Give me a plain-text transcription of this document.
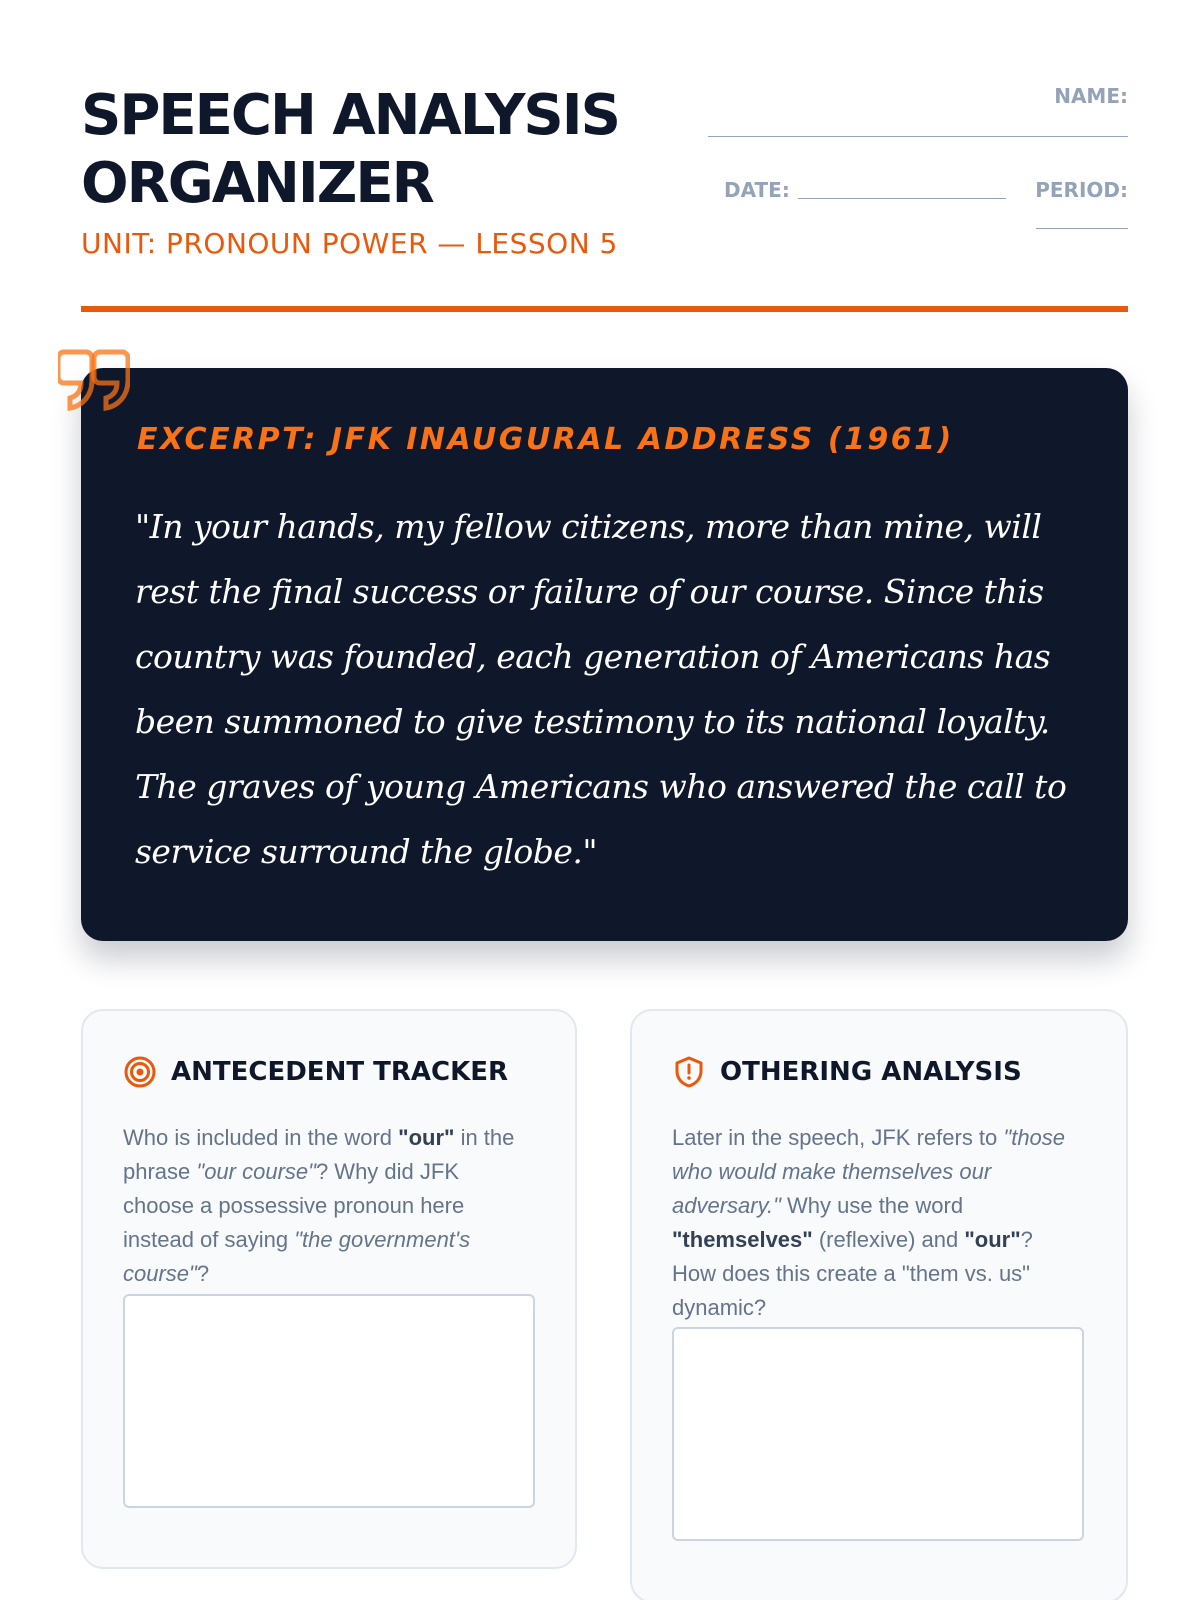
SPEECH ANALYSIS ORGANIZER
UNIT: PRONOUN POWER — LESSON 5
NAME:
DATE:	PERIOD:
EXCERPT: JFK INAUGURAL ADDRESS (1961)
"In your hands, my fellow citizens, more than mine, will rest the final success or failure of our course. Since this country was founded, each generation of Americans has been summoned to give testimony to its national loyalty. The graves of young Americans who answered the call to service surround the globe."
ANTECEDENT TRACKER

Who is included in the word "our" in the phrase "our course"? Why did JFK choose a possessive pronoun here instead of saying "the government's course"?

OTHERING ANALYSIS

Later in the speech, JFK refers to "those who would make themselves our adversary." Why use the word "themselves" (reflexive) and "our"? How does this create a "them vs. us" dynamic?
